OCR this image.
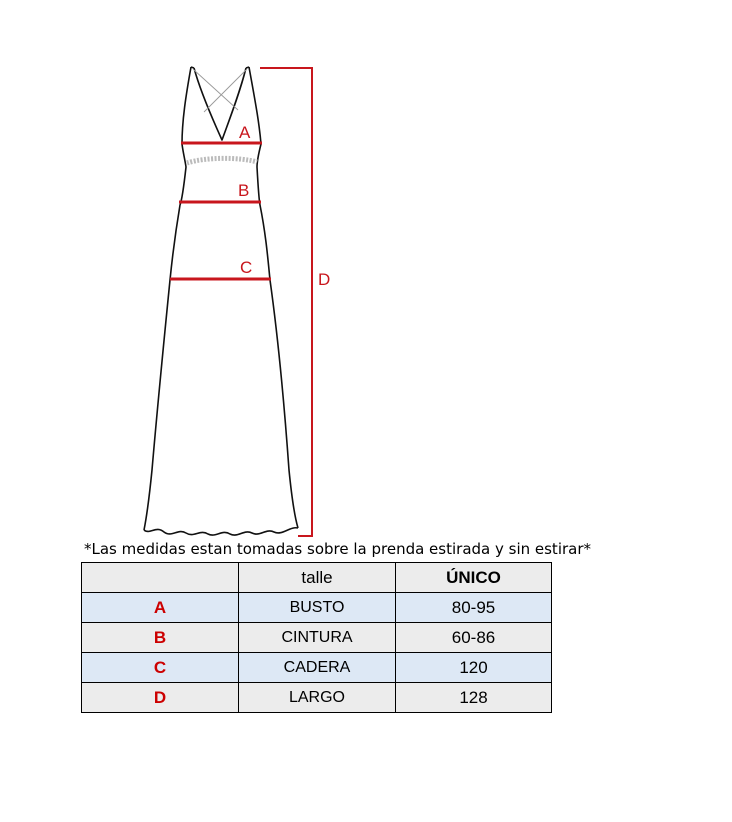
A
B
C
D
*Las medidas estan tomadas sobre la prenda estirada y sin estirar*
	talle	ÚNICO
A	BUSTO	80-95
B	CINTURA	60-86
C	CADERA	120
D	LARGO	128
